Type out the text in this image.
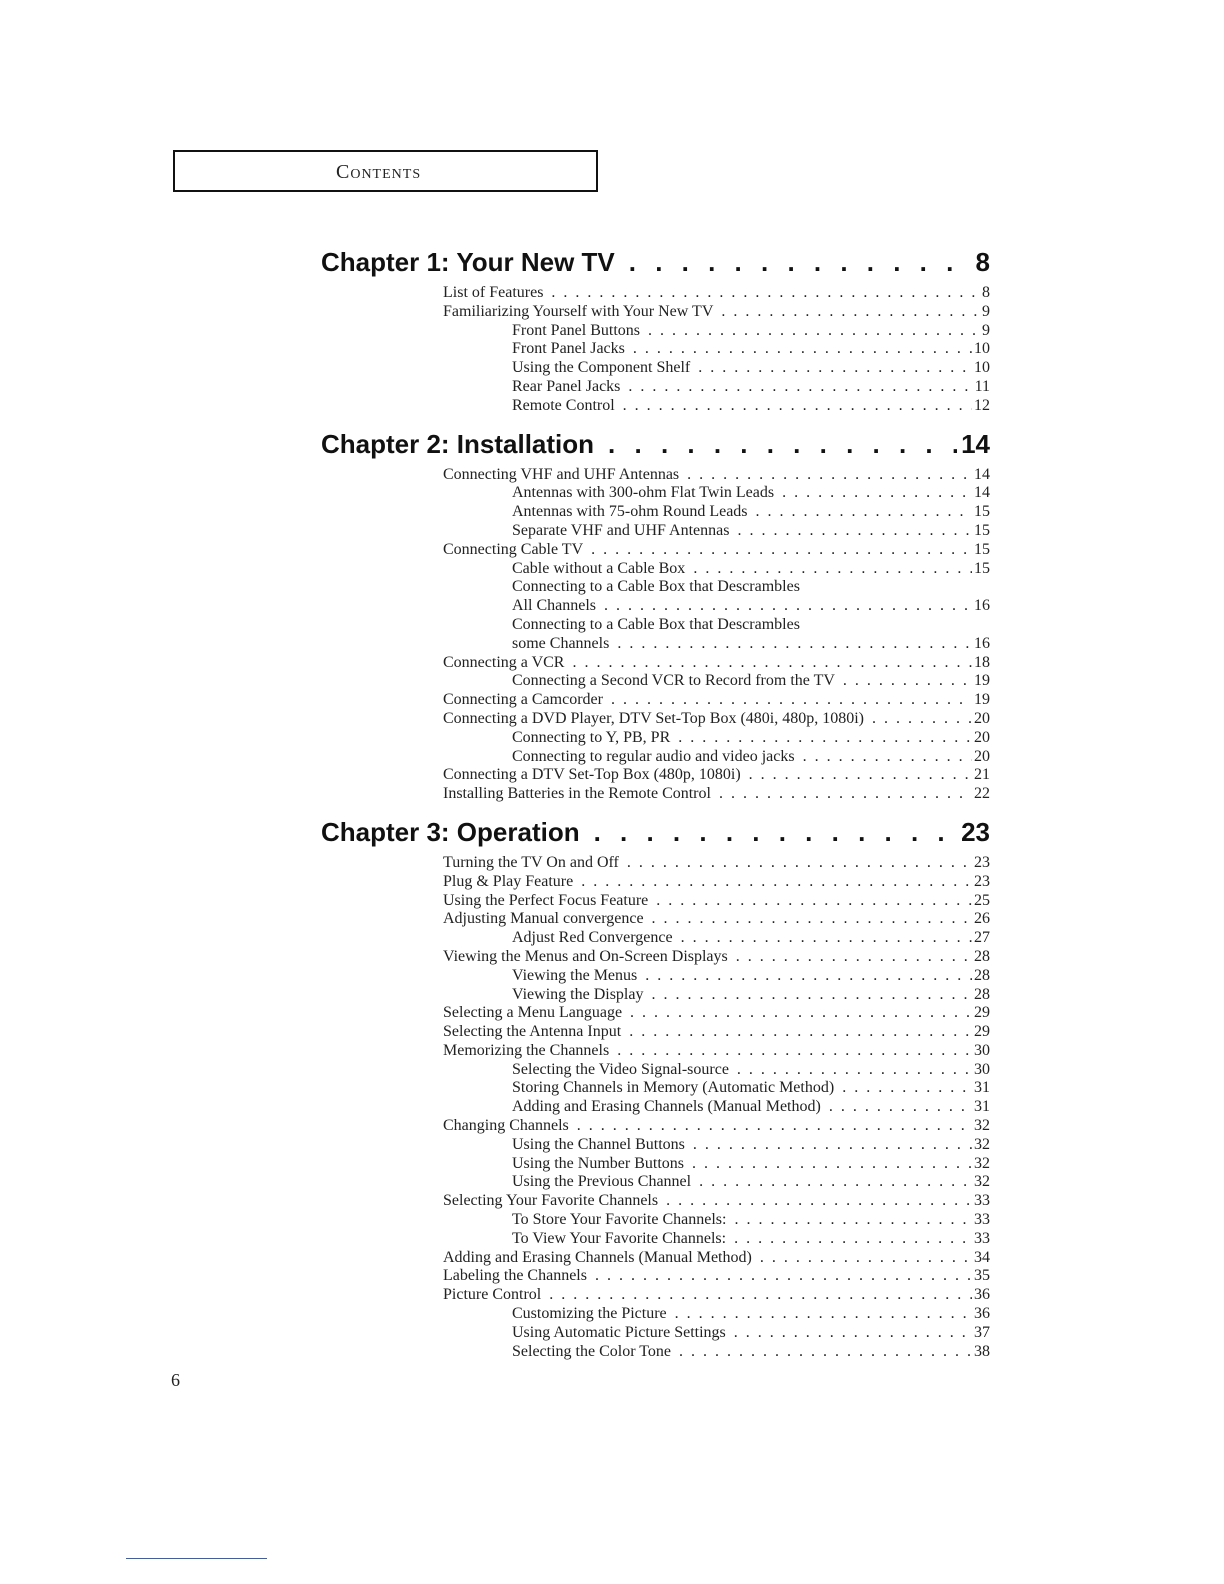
Contents
Chapter 1: Your New TV . . .	8
List of Features . . .	8
Familiarizing Yourself with Your New TV . . .	9
Front Panel Buttons . . .	9
Front Panel Jacks . . .	10
Using the Component Shelf . . .	10
Rear Panel Jacks . . .	11
Remote Control . . .	12
Chapter 2: Installation . . .	14
Connecting VHF and UHF Antennas . . .	14
Antennas with 300-ohm Flat Twin Leads . . .	14
Antennas with 75-ohm Round Leads . . .	15
Separate VHF and UHF Antennas . . .	15
Connecting Cable TV . . .	15
Cable without a Cable Box . . .	15
Connecting to a Cable Box that Descrambles
All Channels . . .	16
Connecting to a Cable Box that Descrambles
some Channels . . .	16
Connecting a VCR . . .	18
Connecting a Second VCR to Record from the TV . . .	19
Connecting a Camcorder . . .	19
Connecting a DVD Player, DTV Set-Top Box (480i, 480p, 1080i) . . .	20
Connecting to Y, PB, PR . . .	20
Connecting to regular audio and video jacks . . .	20
Connecting a DTV Set-Top Box (480p, 1080i) . . .	21
Installing Batteries in the Remote Control . . .	22
Chapter 3: Operation . . .	23
Turning the TV On and Off . . .	23
Plug & Play Feature . . .	23
Using the Perfect Focus Feature . . .	25
Adjusting Manual convergence . . .	26
Adjust Red Convergence . . .	27
Viewing the Menus and On-Screen Displays . . .	28
Viewing the Menus . . .	28
Viewing the Display . . .	28
Selecting a Menu Language . . .	29
Selecting the Antenna Input . . .	29
Memorizing the Channels . . .	30
Selecting the Video Signal-source . . .	30
Storing Channels in Memory (Automatic Method) . . .	31
Adding and Erasing Channels (Manual Method) . . .	31
Changing Channels . . .	32
Using the Channel Buttons . . .	32
Using the Number Buttons . . .	32
Using the Previous Channel . . .	32
Selecting Your Favorite Channels . . .	33
To Store Your Favorite Channels: . . .	33
To View Your Favorite Channels: . . .	33
Adding and Erasing Channels (Manual Method) . . .	34
Labeling the Channels . . .	35
Picture Control . . .	36
Customizing the Picture . . .	36
Using Automatic Picture Settings . . .	37
Selecting the Color Tone . . .	38
6
